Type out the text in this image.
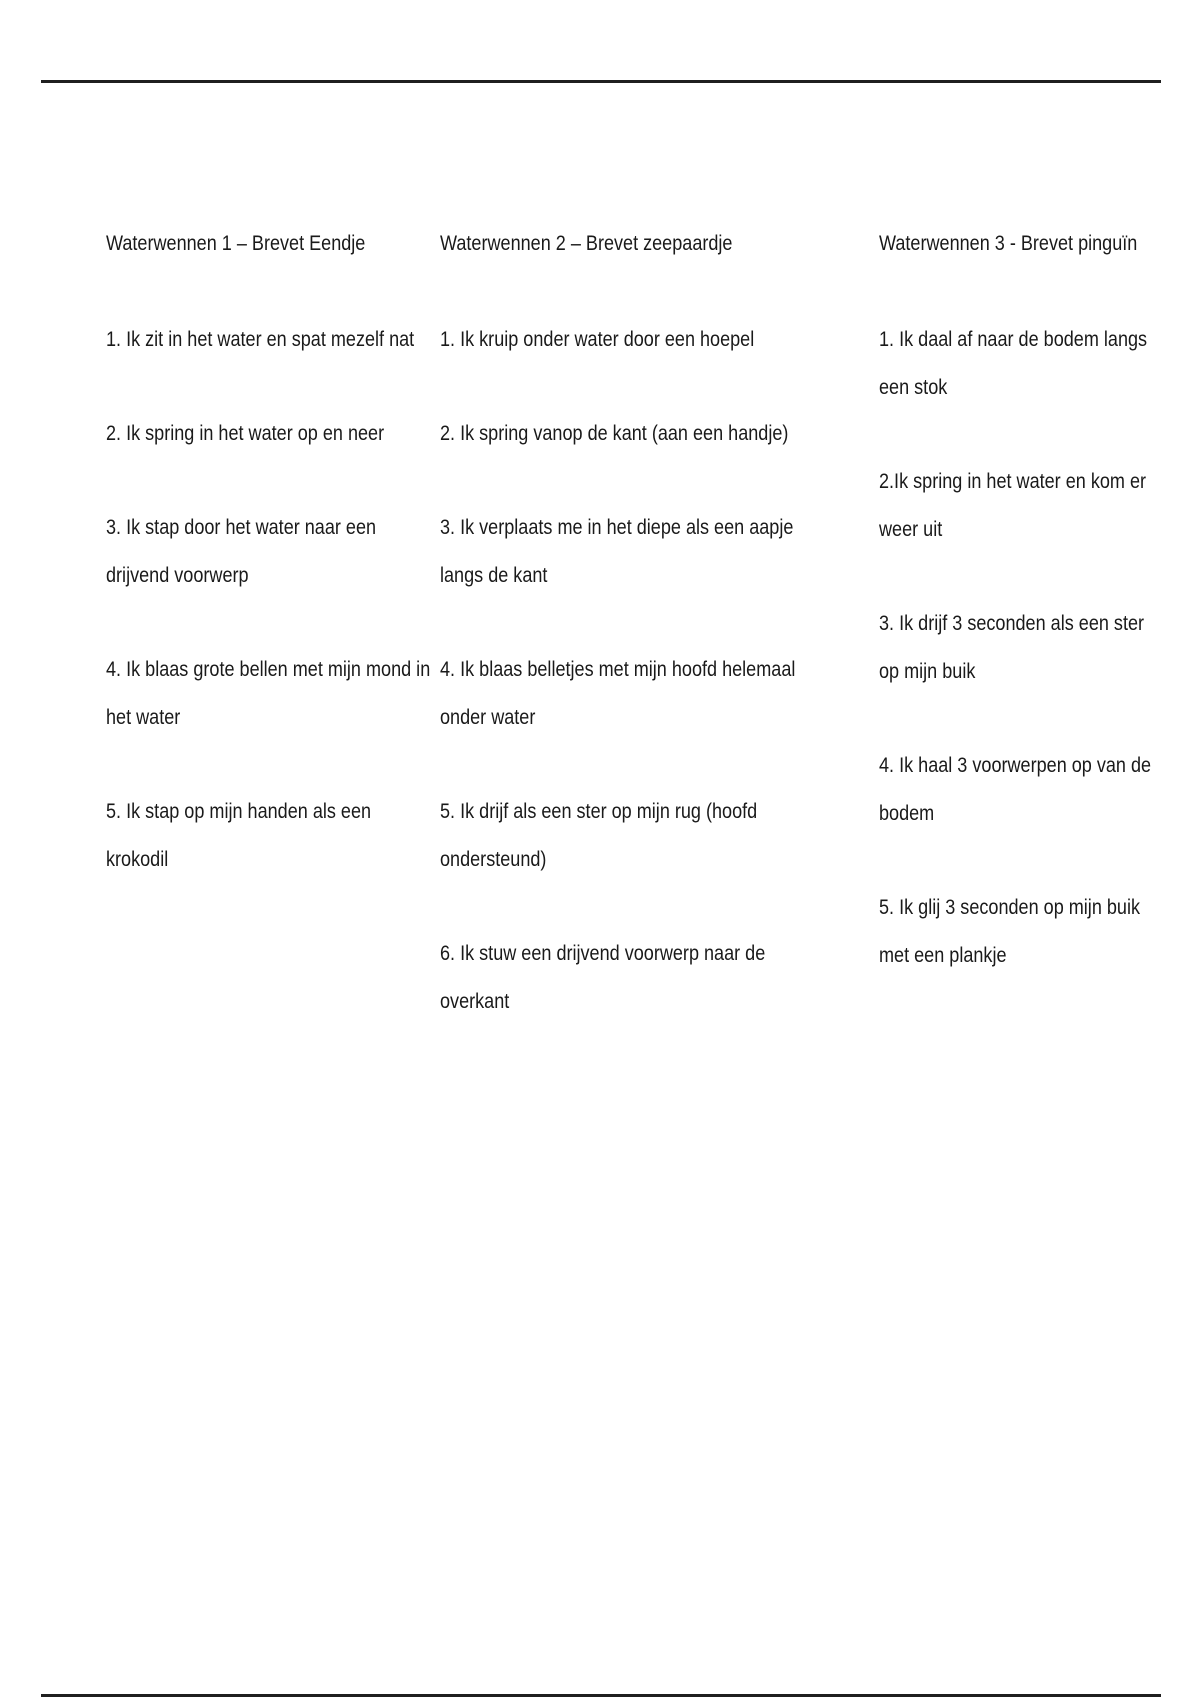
Waterwennen 1 – Brevet Eendje
1. Ik zit in het water en spat mezelf nat
2. Ik spring in het water op en neer
3. Ik stap door het water naar een drijvend voorwerp
4. Ik blaas grote bellen met mijn mond in het water
5. Ik stap op mijn handen als een krokodil
Waterwennen 2 – Brevet zeepaardje
1. Ik kruip onder water door een hoepel
2. Ik spring vanop de kant (aan een handje)
3. Ik verplaats me in het diepe als een aapje langs de kant
4. Ik blaas belletjes met mijn hoofd helemaal onder water
5. Ik drijf als een ster op mijn rug (hoofd ondersteund)
6. Ik stuw een drijvend voorwerp naar de overkant
Waterwennen 3 - Brevet pinguïn
1. Ik daal af naar de bodem langs een stok
2.Ik spring in het water en kom er weer uit
3. Ik drijf 3 seconden als een ster op mijn buik
4. Ik haal 3 voorwerpen op van de bodem
5. Ik glij 3 seconden op mijn buik met een plankje
